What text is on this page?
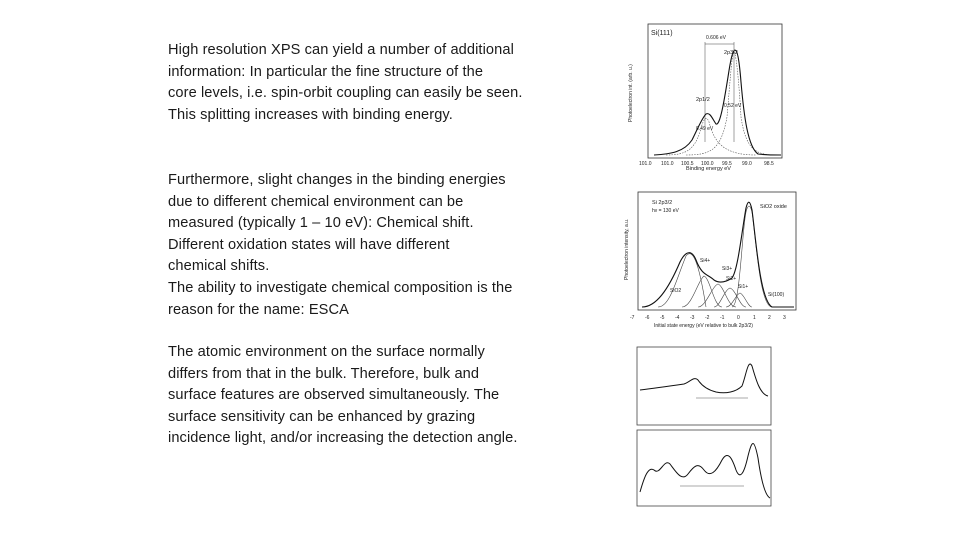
High resolution XPS can yield a number of additional
information: In particular the fine structure of the
core levels, i.e. spin-orbit coupling can easily be seen.
This splitting increases with binding energy.
Furthermore, slight changes in the binding energies
due to different chemical environment can be
measured (typically 1 – 10 eV): Chemical shift.
Different oxidation states will have different
chemical shifts.
The ability to investigate chemical composition is the
reason for the name: ESCA
The atomic environment on the surface normally
differs from that in the bulk. Therefore, bulk and
surface features are observed simultaneously. The
surface sensitivity can be enhanced by grazing
incidence light, and/or increasing the detection angle.
Si(111)
Photoelectron int. (arb. u.)
Binding energy eV
0.606 eV
2p3/2
2p1/2
0.52 eV
0.49 eV
101.0 101.0 100.5 100.0 99.5 99.0 98.5
Photoelectron intensity, a.u.
Si 2p3/2
hν = 130 eV
SiO2 oxide
SiO2
Si4+
Si3+
Si2+
Si1+
Si(100)
-7 -6 -5 -4 -3 -2 -1	0	1 2 3
Initial state energy (eV relative to bulk 2p3/2)
